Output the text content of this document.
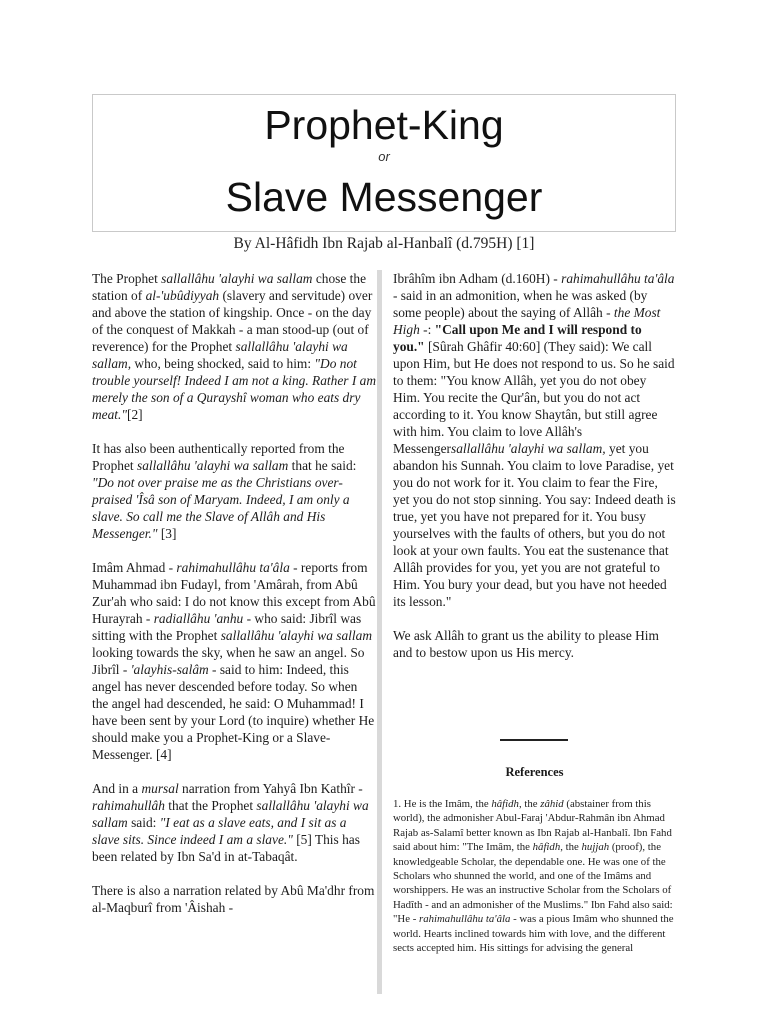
Prophet-King
or
Slave Messenger
By Al-Hâfidh Ibn Rajab al-Hanbalî (d.795H) [1]

The Prophet sallallâhu 'alayhi wa sallam chose the station of al-'ubûdiyyah (slavery and servitude) over and above the station of kingship. Once - on the day of the conquest of Makkah - a man stood-up (out of reverence) for the Prophet sallallâhu 'alayhi wa sallam, who, being shocked, said to him: "Do not trouble yourself! Indeed I am not a king. Rather I am merely the son of a Qurayshî woman who eats dry meat."[2]

It has also been authentically reported from the Prophet sallallâhu 'alayhi wa sallam that he said: "Do not over praise me as the Christians over-praised 'Îsâ son of Maryam. Indeed, I am only a slave. So call me the Slave of Allâh and His Messenger." [3]

Imâm Ahmad - rahimahullâhu ta'âla - reports from Muhammad ibn Fudayl, from 'Amârah, from Abû Zur'ah who said: I do not know this except from Abû Hurayrah - radiallâhu 'anhu - who said: Jibrîl was sitting with the Prophet sallallâhu 'alayhi wa sallam looking towards the sky, when he saw an angel. So Jibrîl - 'alayhis-salâm - said to him: Indeed, this angel has never descended before today. So when the angel had descended, he said: O Muhammad! I have been sent by your Lord (to inquire) whether He should make you a Prophet-King or a Slave-Messenger. [4]

And in a mursal narration from Yahyâ Ibn Kathîr - rahimahullâh that the Prophet sallallâhu 'alayhi wa sallam said: "I eat as a slave eats, and I sit as a slave sits. Since indeed I am a slave." [5] This has been related by Ibn Sa'd in at-Tabaqât.

There is also a narration related by Abû Ma'dhr from al-Maqburî from 'Âishah -

Ibrâhîm ibn Adham (d.160H) - rahimahullâhu ta'âla - said in an admonition, when he was asked (by some people) about the saying of Allâh - the Most High -: "Call upon Me and I will respond to you." [Sûrah Ghâfir 40:60] (They said): We call upon Him, but He does not respond to us. So he said to them: "You know Allâh, yet you do not obey Him. You recite the Qur'ân, but you do not act according to it. You know Shaytân, but still agree with him. You claim to love Allâh's Messengersallallâhu 'alayhi wa sallam, yet you abandon his Sunnah. You claim to love Paradise, yet you do not work for it. You claim to fear the Fire, yet you do not stop sinning. You say: Indeed death is true, yet you have not prepared for it. You busy yourselves with the faults of others, but you do not look at your own faults. You eat the sustenance that Allâh provides for you, yet you are not grateful to Him. You bury your dead, but you have not heeded its lesson."

We ask Allâh to grant us the ability to please Him and to bestow upon us His mercy.

References

1. He is the Imâm, the hâfidh, the zâhid (abstainer from this world), the admonisher Abul-Faraj 'Abdur-Rahmân ibn Ahmad Rajab as-Salamî better known as Ibn Rajab al-Hanbalî. Ibn Fahd said about him: "The Imâm, the hâfidh, the hujjah (proof), the knowledgeable Scholar, the dependable one. He was one of the Scholars who shunned the world, and one of the Imâms and worshippers. He was an instructive Scholar from the Scholars of Hadîth - and an admonisher of the Muslims." Ibn Fahd also said: "He - rahimahullâhu ta'âla - was a pious Imâm who shunned the world. Hearts inclined towards him with love, and the different sects accepted him. His sittings for advising the general
